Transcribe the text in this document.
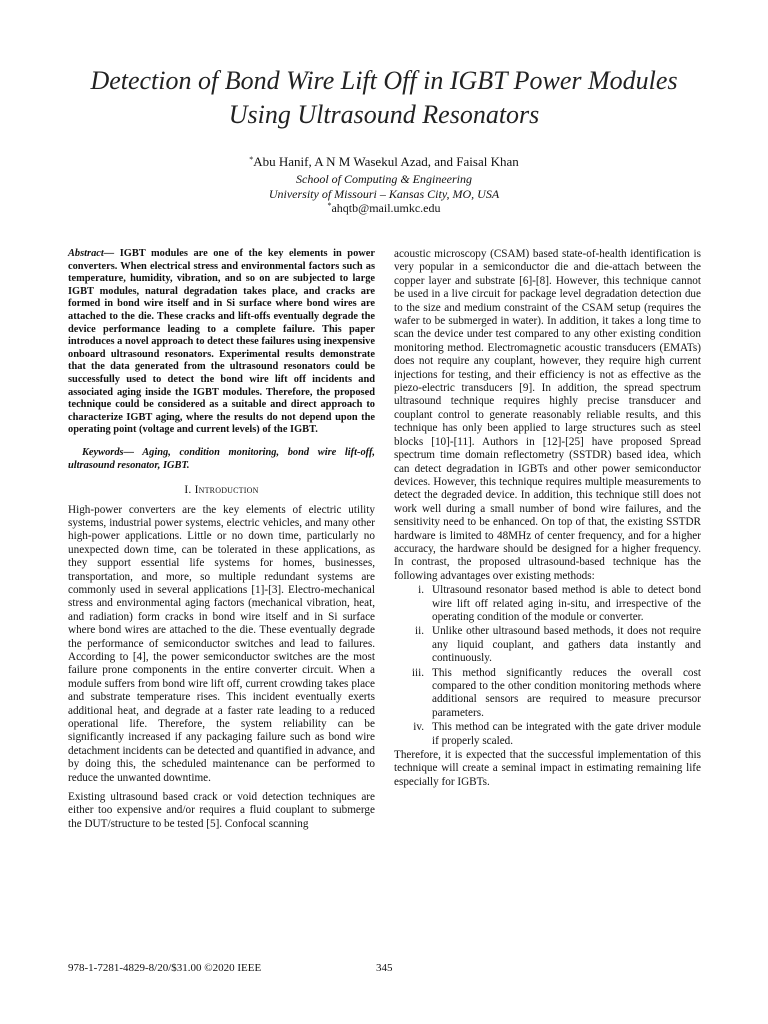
Detection of Bond Wire Lift Off in IGBT Power Modules Using Ultrasound Resonators
*Abu Hanif, A N M Wasekul Azad, and Faisal Khan
School of Computing & Engineering
University of Missouri – Kansas City, MO, USA
*ahqtb@mail.umkc.edu

Abstract— IGBT modules are one of the key elements in power converters. When electrical stress and environmental factors such as temperature, humidity, vibration, and so on are subjected to large IGBT modules, natural degradation takes place, and cracks are formed in bond wire itself and in Si surface where bond wires are attached to the die. These cracks and lift-offs eventually degrade the device performance leading to a complete failure. This paper introduces a novel approach to detect these failures using inexpensive onboard ultrasound resonators. Experimental results demonstrate that the data generated from the ultrasound resonators could be successfully used to detect the bond wire lift off incidents and associated aging inside the IGBT modules. Therefore, the proposed technique could be considered as a suitable and direct approach to characterize IGBT aging, where the results do not depend upon the operating point (voltage and current levels) of the IGBT.

Keywords— Aging, condition monitoring, bond wire lift-off, ultrasound resonator, IGBT.

I. Introduction

High-power converters are the key elements of electric utility systems, industrial power systems, electric vehicles, and many other high-power applications. Little or no down time, particularly no unexpected down time, can be tolerated in these applications, as they support essential life systems for homes, businesses, transportation, and more, so multiple redundant systems are commonly used in several applications [1]-[3]. Electro-mechanical stress and environmental aging factors (mechanical vibration, heat, and radiation) form cracks in bond wire itself and in Si surface where bond wires are attached to the die. These eventually degrade the performance of semiconductor switches and lead to failures. According to [4], the power semiconductor switches are the most failure prone components in the entire converter circuit. When a module suffers from bond wire lift off, current crowding takes place and substrate temperature rises. This incident eventually exerts additional heat, and degrade at a faster rate leading to a reduced operational life. Therefore, the system reliability can be significantly increased if any packaging failure such as bond wire detachment incidents can be detected and quantified in advance, and by doing this, the scheduled maintenance can be performed to reduce the unwanted downtime.

Existing ultrasound based crack or void detection techniques are either too expensive and/or requires a fluid couplant to submerge the DUT/structure to be tested [5]. Confocal scanning

acoustic microscopy (CSAM) based state-of-health identification is very popular in a semiconductor die and die-attach between the copper layer and substrate [6]-[8]. However, this technique cannot be used in a live circuit for package level degradation detection due to the size and medium constraint of the CSAM setup (requires the wafer to be submerged in water). In addition, it takes a long time to scan the device under test compared to any other existing condition monitoring method. Electromagnetic acoustic transducers (EMATs) does not require any couplant, however, they require high current injections for testing, and their efficiency is not as effective as the piezo-electric transducers [9]. In addition, the spread spectrum ultrasound technique requires highly precise transducer and couplant control to generate reasonably reliable results, and this technique has only been applied to large structures such as steel blocks [10]-[11]. Authors in [12]-[25] have proposed Spread spectrum time domain reflectometry (SSTDR) based idea, which can detect degradation in IGBTs and other power semiconductor devices. However, this technique requires multiple measurements to detect the degraded device. In addition, this technique still does not work well during a small number of bond wire failures, and the sensitivity need to be enhanced. On top of that, the existing SSTDR hardware is limited to 48MHz of center frequency, and for a higher accuracy, the hardware should be designed for a higher frequency. In contrast, the proposed ultrasound-based technique has the following advantages over existing methods:

i. Ultrasound resonator based method is able to detect bond wire lift off related aging in-situ, and irrespective of the operating condition of the module or converter.
ii. Unlike other ultrasound based methods, it does not require any liquid couplant, and gathers data instantly and continuously.
iii. This method significantly reduces the overall cost compared to the other condition monitoring methods where additional sensors are required to measure precursor parameters.
iv. This method can be integrated with the gate driver module if properly scaled.

Therefore, it is expected that the successful implementation of this technique will create a seminal impact in estimating remaining life especially for IGBTs.

978-1-7281-4829-8/20/$31.00 ©2020 IEEE	345
